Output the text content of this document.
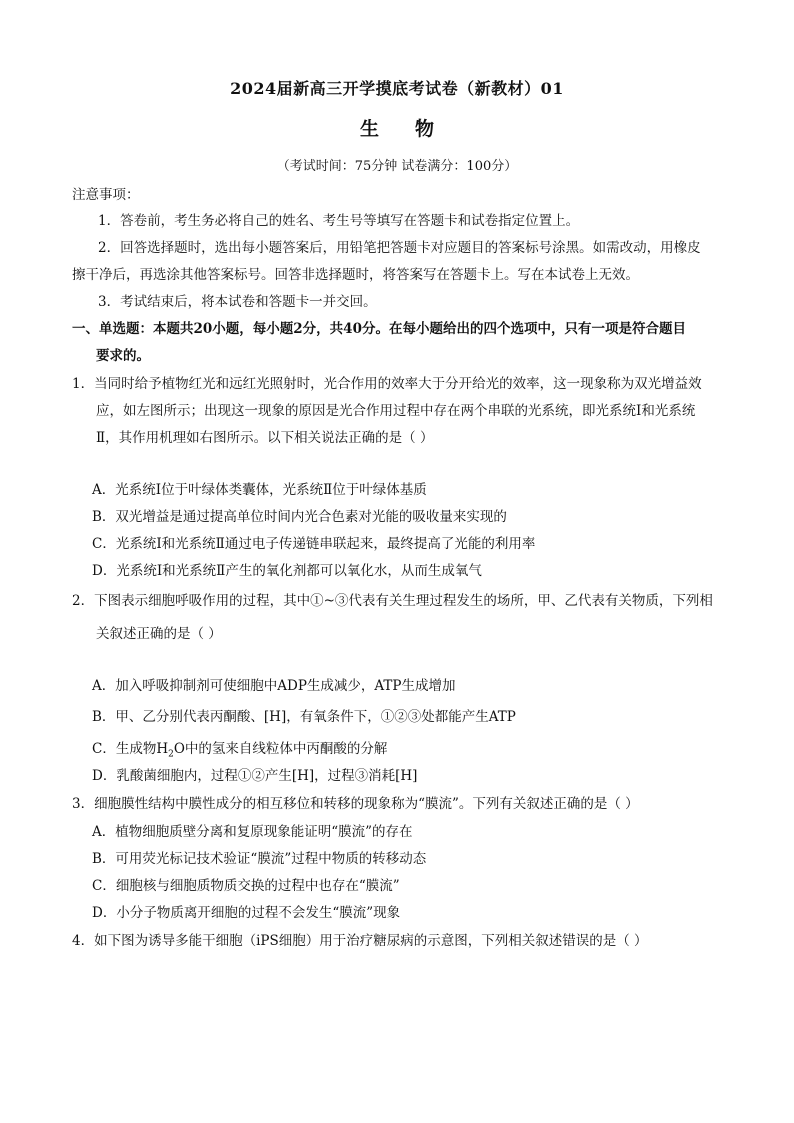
2024届新高三开学摸底考试卷（新教材）01
生物
（考试时间：75分钟 试卷满分：100分）
注意事项：
1．答卷前，考生务必将自己的姓名、考生号等填写在答题卡和试卷指定位置上。
2．回答选择题时，选出每小题答案后，用铅笔把答题卡对应题目的答案标号涂黑。如需改动，用橡皮
擦干净后，再选涂其他答案标号。回答非选择题时，将答案写在答题卡上。写在本试卷上无效。
3．考试结束后，将本试卷和答题卡一并交回。
一、单选题：本题共20小题，每小题2分，共40分。在每小题给出的四个选项中，只有一项是符合题目
要求的。
1．当同时给予植物红光和远红光照射时，光合作用的效率大于分开给光的效率，这一现象称为双光增益效
应，如左图所示；出现这一现象的原因是光合作用过程中存在两个串联的光系统，即光系统Ⅰ和光系统
Ⅱ，其作用机理如右图所示。以下相关说法正确的是（ ）
A．光系统Ⅰ位于叶绿体类囊体，光系统Ⅱ位于叶绿体基质
B．双光增益是通过提高单位时间内光合色素对光能的吸收量来实现的
C．光系统Ⅰ和光系统Ⅱ通过电子传递链串联起来，最终提高了光能的利用率
D．光系统Ⅰ和光系统Ⅱ产生的氧化剂都可以氧化水，从而生成氧气
2．下图表示细胞呼吸作用的过程，其中①~③代表有关生理过程发生的场所，甲、乙代表有关物质，下列相
关叙述正确的是（ ）
A．加入呼吸抑制剂可使细胞中ADP生成减少，ATP生成增加
B．甲、乙分别代表丙酮酸、[H]，有氧条件下，①②③处都能产生ATP
C．生成物$H_2O$中的氢来自线粒体中丙酮酸的分解
D．乳酸菌细胞内，过程①②产生[H]，过程③消耗[H]
3．细胞膜性结构中膜性成分的相互移位和转移的现象称为“膜流”。下列有关叙述正确的是（ ）
A．植物细胞质壁分离和复原现象能证明“膜流”的存在
B．可用荧光标记技术验证“膜流”过程中物质的转移动态
C．细胞核与细胞质物质交换的过程中也存在“膜流”
D．小分子物质离开细胞的过程不会发生“膜流”现象
4．如下图为诱导多能干细胞（iPS细胞）用于治疗糖尿病的示意图，下列相关叙述错误的是（ ）
